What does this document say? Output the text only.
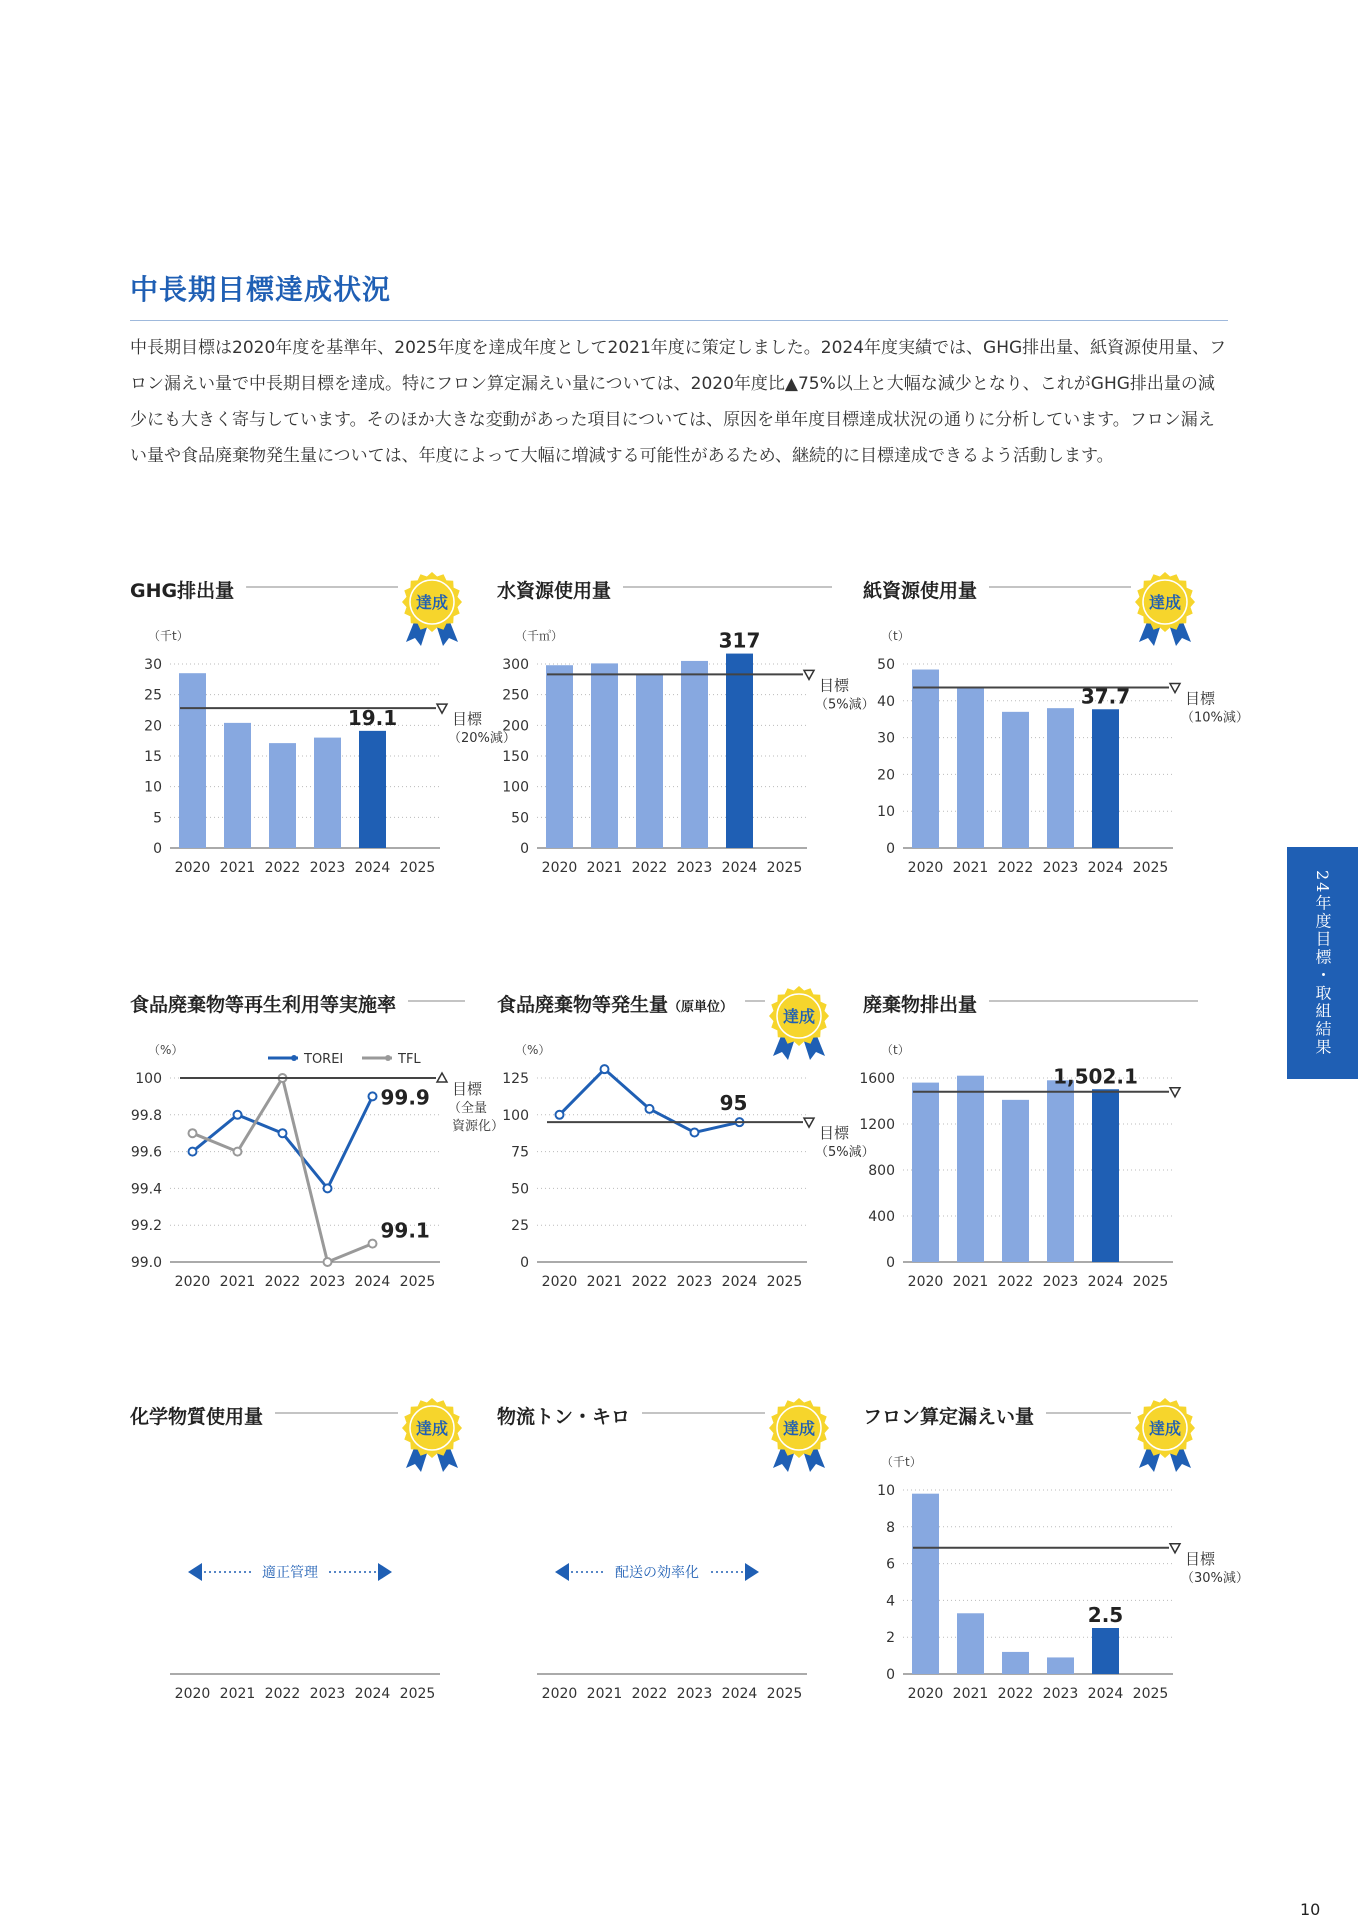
中長期目標達成状況
中長期目標は2020年度を基準年、2025年度を達成年度として2021年度に策定しました。2024年度実績では、GHG排出量、紙資源使用量、フロン漏えい量で中長期目標を達成。特にフロン算定漏えい量については、2020年度比▲75%以上と大幅な減少となり、これがGHG排出量の減少にも大きく寄与しています。そのほか大きな変動があった項目については、原因を単年度目標達成状況の通りに分析しています。フロン漏えい量や食品廃棄物発生量については、年度によって大幅に増減する可能性があるため、継続的に目標達成できるよう活動します。
GHG排出量
達成
2020 2021 2022 2023 2024 2025
（千t）
0
5
10
15
20
25
30
目標
（20%減）
19.1
水資源使用量
2020 2021 2022 2023 2024 2025
（千㎥）
0
50
100
150
200
250
300
目標
（5%減）
317
紙資源使用量
達成
2020 2021 2022 2023 2024 2025
（t）
0
10
20
30
40
50
目標
（10%減）
37.7
食品廃棄物等再生利用等実施率
2020 2021 2022 2023 2024 2025
（%）
99.0
99.2
99.4
99.6
99.8
100
目標
（全量
資源化）
99.9
99.1
TOREI	TFL
食品廃棄物等発生量（原単位）	達成
2020 2021 2022 2023 2024 2025
（%）
0
25
50
75
100
125
目標
（5%減）
95
廃棄物排出量
2020 2021 2022 2023 2024 2025
（t）
0
400
800
1200
1600	1,502.1
化学物質使用量
達成
2020 2021 2022 2023 2024 2025
適正管理
物流トン・キロ
達成
2020 2021 2022 2023 2024 2025
配送の効率化
フロン算定漏えい量
達成
2020 2021 2022 2023 2024 2025
（千t）
0
2
4
6
8
10
目標
（30%減）
2.5
24年度目標・取組結果
10
